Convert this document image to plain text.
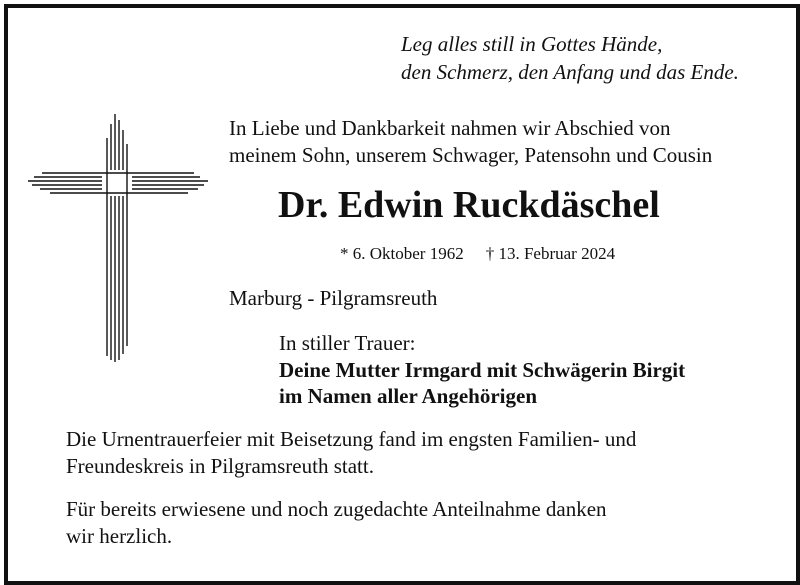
Leg alles still in Gottes Hände,
den Schmerz, den Anfang und das Ende.
In Liebe und Dankbarkeit nahmen wir Abschied von
meinem Sohn, unserem Schwager, Patensohn und Cousin
Dr. Edwin Ruckdäschel
* 6. Oktober 1962 † 13. Februar 2024
Marburg - Pilgramsreuth
In stiller Trauer:
Deine Mutter Irmgard mit Schwägerin Birgit
im Namen aller Angehörigen
Die Urnentrauerfeier mit Beisetzung fand im engsten Familien- und
Freundeskreis in Pilgramsreuth statt.
Für bereits erwiesene und noch zugedachte Anteilnahme danken
wir herzlich.
